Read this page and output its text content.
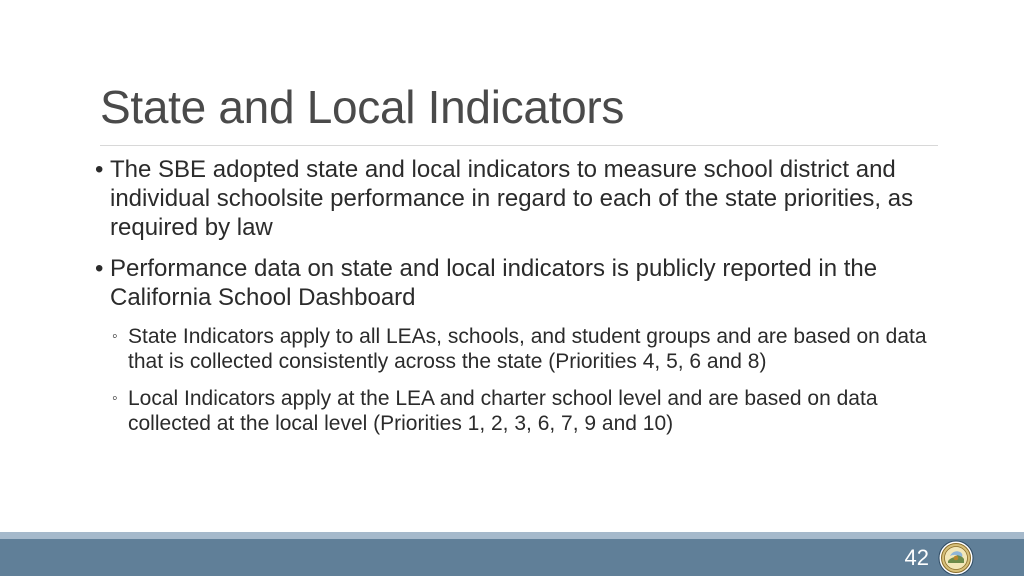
State and Local Indicators
• The SBE adopted state and local indicators to measure school district and individual schoolsite performance in regard to each of the state priorities, as required by law
• Performance data on state and local indicators is publicly reported in the California School Dashboard
◦ State Indicators apply to all LEAs, schools, and student groups and are based on data that is collected consistently across the state (Priorities 4, 5, 6 and 8)
◦ Local Indicators apply at the LEA and charter school level and are based on data collected at the local level (Priorities 1, 2, 3, 6, 7, 9 and 10)
42
